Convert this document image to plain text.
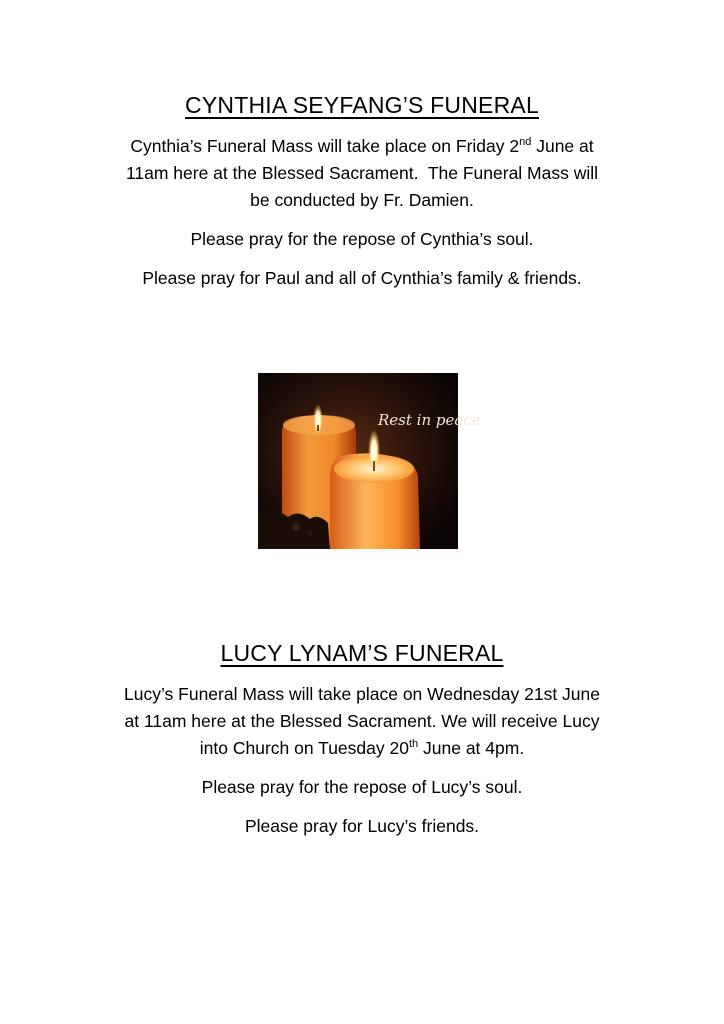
CYNTHIA SEYFANG’S FUNERAL

Cynthia’s Funeral Mass will take place on Friday 2nd June at
11am here at the Blessed Sacrament.  The Funeral Mass will
be conducted by Fr. Damien.

Please pray for the repose of Cynthia’s soul.

Please pray for Paul and all of Cynthia’s family & friends.

Rest in peace
LUCY LYNAM’S FUNERAL

Lucy’s Funeral Mass will take place on Wednesday 21st June
at 11am here at the Blessed Sacrament. We will receive Lucy
into Church on Tuesday 20th June at 4pm.

Please pray for the repose of Lucy’s soul.

Please pray for Lucy’s friends.
